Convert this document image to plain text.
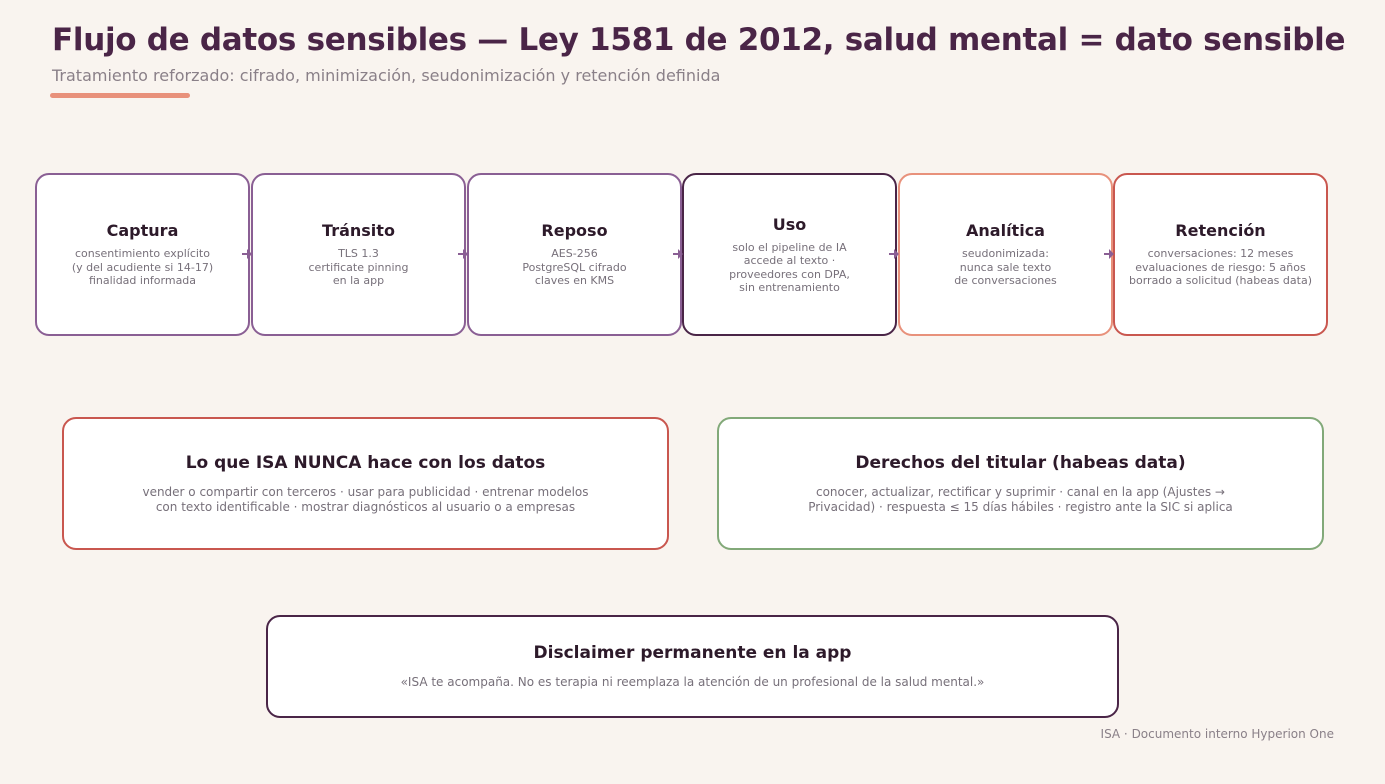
Flujo de datos sensibles — Ley 1581 de 2012, salud mental = dato sensible
Tratamiento reforzado: cifrado, minimización, seudonimización y retención definida
Captura
consentimiento explícito
(y del acudiente si 14-17)
finalidad informada
Tránsito
TLS 1.3
certificate pinning
en la app
Reposo
AES-256
PostgreSQL cifrado
claves en KMS
Uso
solo el pipeline de IA
accede al texto ·
proveedores con DPA,
sin entrenamiento
Analítica
seudonimizada:
nunca sale texto
de conversaciones
Retención
conversaciones: 12 meses
evaluaciones de riesgo: 5 años
borrado a solicitud (habeas data)
Lo que ISA NUNCA hace con los datos
vender o compartir con terceros · usar para publicidad · entrenar modelos
con texto identificable · mostrar diagnósticos al usuario o a empresas
Derechos del titular (habeas data)
conocer, actualizar, rectificar y suprimir · canal en la app (Ajustes →
Privacidad) · respuesta ≤ 15 días hábiles · registro ante la SIC si aplica
Disclaimer permanente en la app
«ISA te acompaña. No es terapia ni reemplaza la atención de un profesional de la salud mental.»
ISA · Documento interno Hyperion One
